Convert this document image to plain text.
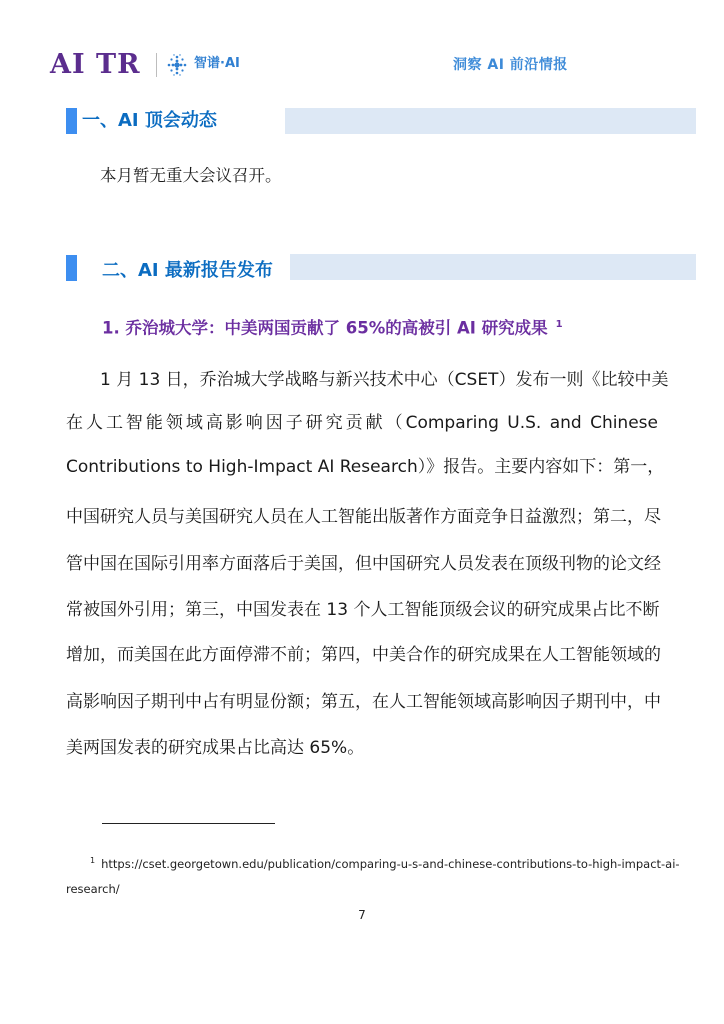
AI TR	智谱·AI	洞察 AI 前沿情报
一、AI 顶会动态
本月暂无重大会议召开。
二、AI 最新报告发布
1. 乔治城大学：中美两国贡献了 65%的高被引 AI 研究成果 $^1$
1 月 13 日，乔治城大学战略与新兴技术中心（CSET）发布一则《比较中美
在人工智能领域高影响因子研究贡献（Comparing U.S. and Chinese
Contributions to High-Impact AI Research）》报告。主要内容如下：第一，
中国研究人员与美国研究人员在人工智能出版著作方面竞争日益激烈；第二，尽
管中国在国际引用率方面落后于美国，但中国研究人员发表在顶级刊物的论文经
常被国外引用；第三，中国发表在 13 个人工智能顶级会议的研究成果占比不断
增加，而美国在此方面停滞不前；第四，中美合作的研究成果在人工智能领域的
高影响因子期刊中占有明显份额；第五，在人工智能领域高影响因子期刊中，中
美两国发表的研究成果占比高达 65%。
$^1$ https://cset.georgetown.edu/publication/comparing-u-s-and-chinese-contributions-to-high-impact-ai-
research/
7
